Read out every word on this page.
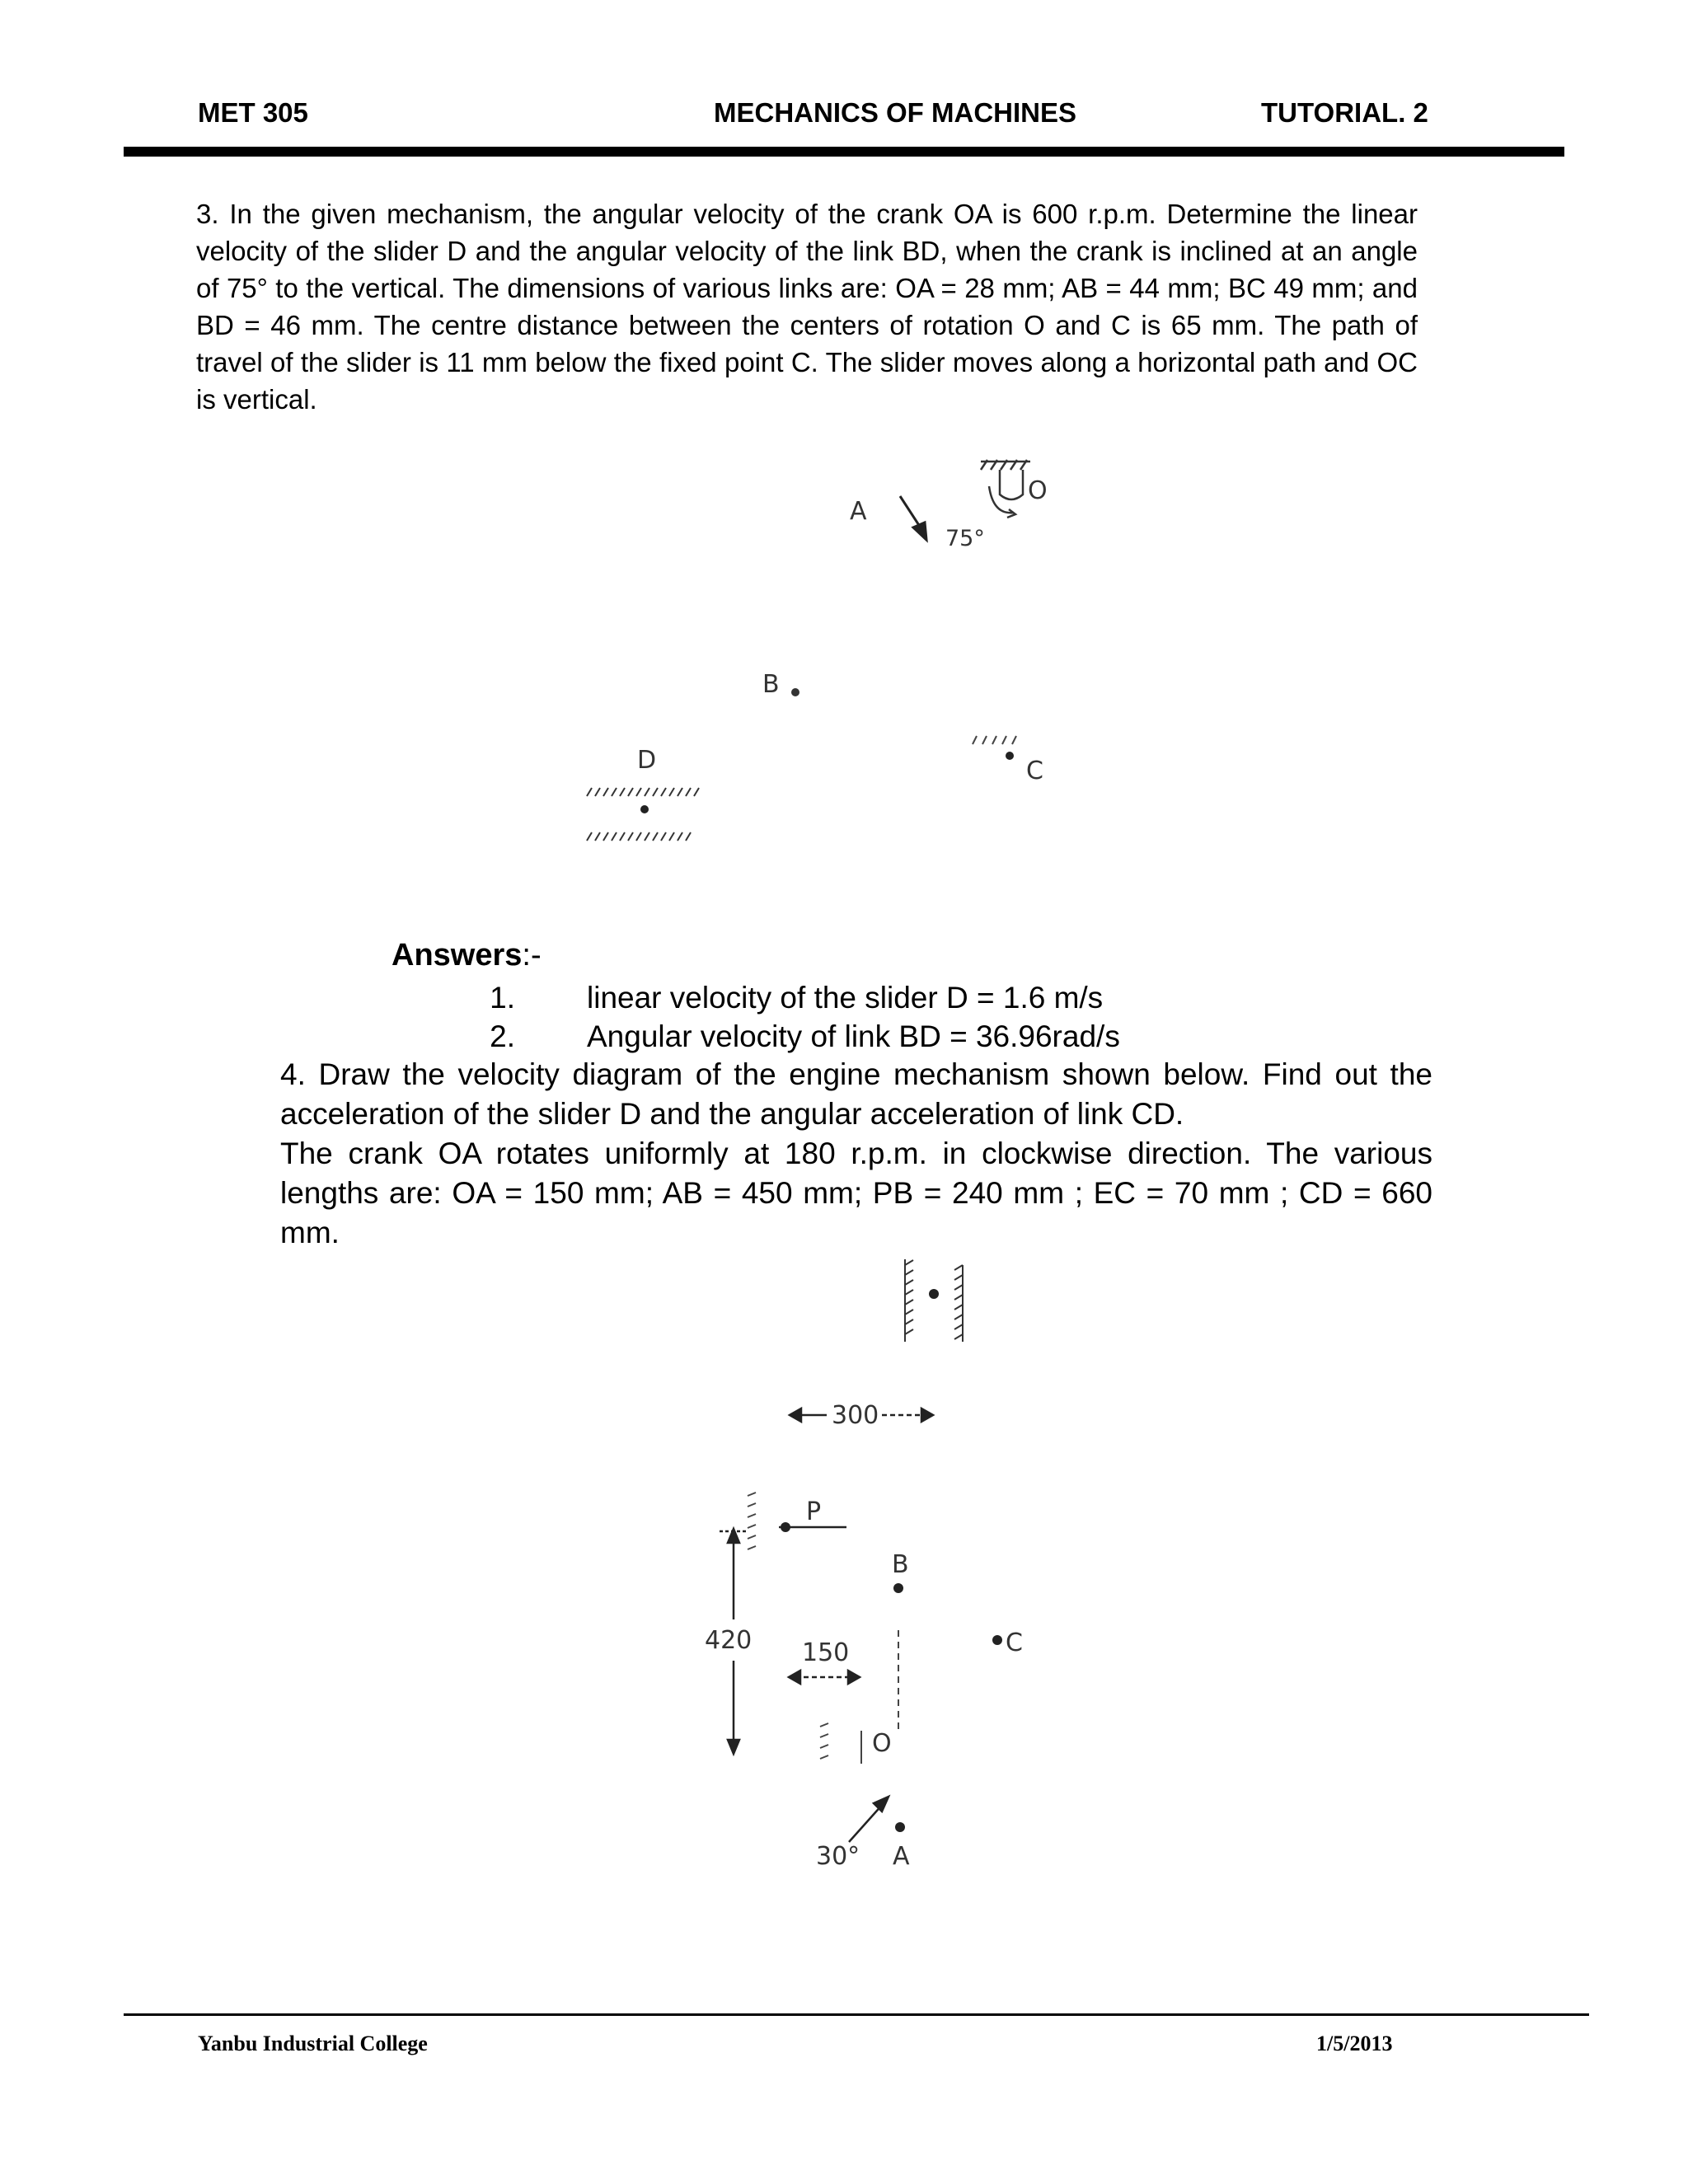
MET 305	MECHANICS OF MACHINES	TUTORIAL. 2

3. In the given mechanism, the angular velocity of the crank OA is 600 r.p.m. Determine the linear velocity of the slider D and the angular velocity of the link BD, when the crank is inclined at an angle of 75° to the vertical. The dimensions of various links are: OA = 28 mm; AB = 44 mm; BC 49 mm; and BD = 46 mm. The centre distance between the centers of rotation O and C is 65 mm. The path of travel of the slider is 11 mm below the fixed point C. The slider moves along a horizontal path and OC is vertical.

O
A
75°
B
C
D
Answers:-
1. linear velocity of the slider D = 1.6 m/s
2. Angular velocity of link BD = 36.96rad/s
4. Draw the velocity diagram of the engine mechanism shown below. Find out the acceleration of the slider D and the angular acceleration of link CD.
The crank OA rotates uniformly at 180 r.p.m. in clockwise direction. The various lengths are: OA = 150 mm; AB = 450 mm; PB = 240 mm ; EC = 70 mm ; CD = 660 mm.
300
P
420
B
C
150
O
30° A
Yanbu Industrial College	1/5/2013
